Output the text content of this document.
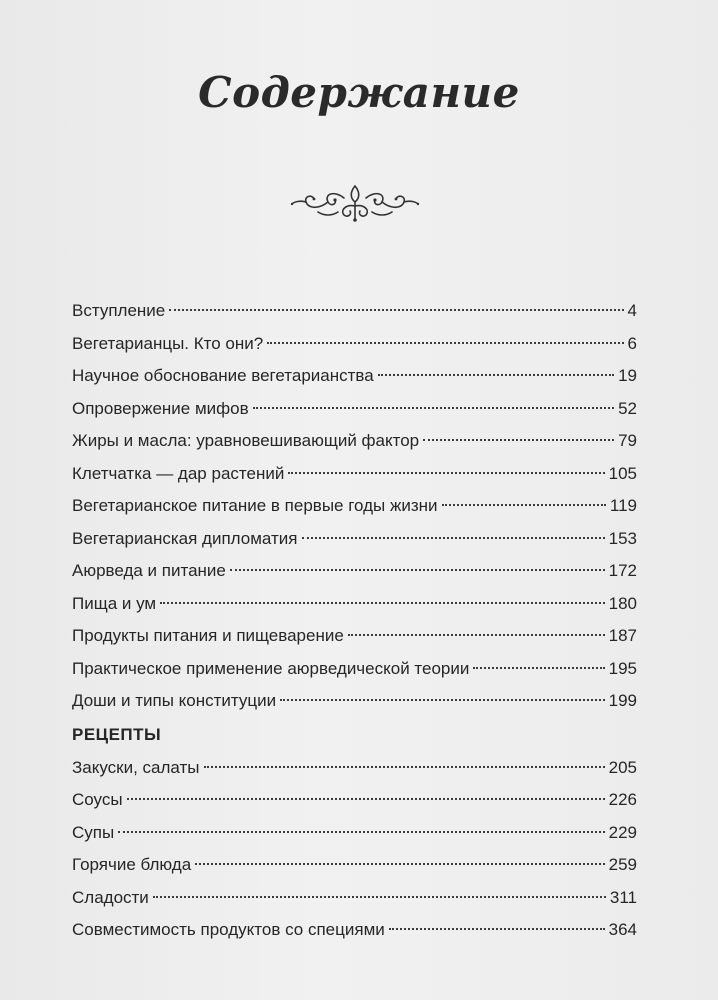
Содержание
Вступление	4
Вегетарианцы. Кто они?	6
Научное обоснование вегетарианства	19
Опровержение мифов	52
Жиры и масла: уравновешивающий фактор	79
Клетчатка — дар растений	105
Вегетарианское питание в первые годы жизни	119
Вегетарианская дипломатия	153
Аюрведа и питание	172
Пища и ум	180
Продукты питания и пищеварение	187
Практическое применение аюрведической теории	195
Доши и типы конституции	199
РЕЦЕПТЫ
Закуски, салаты	205
Соусы	226
Супы	229
Горячие блюда	259
Сладости	311
Совместимость продуктов со специями	364
